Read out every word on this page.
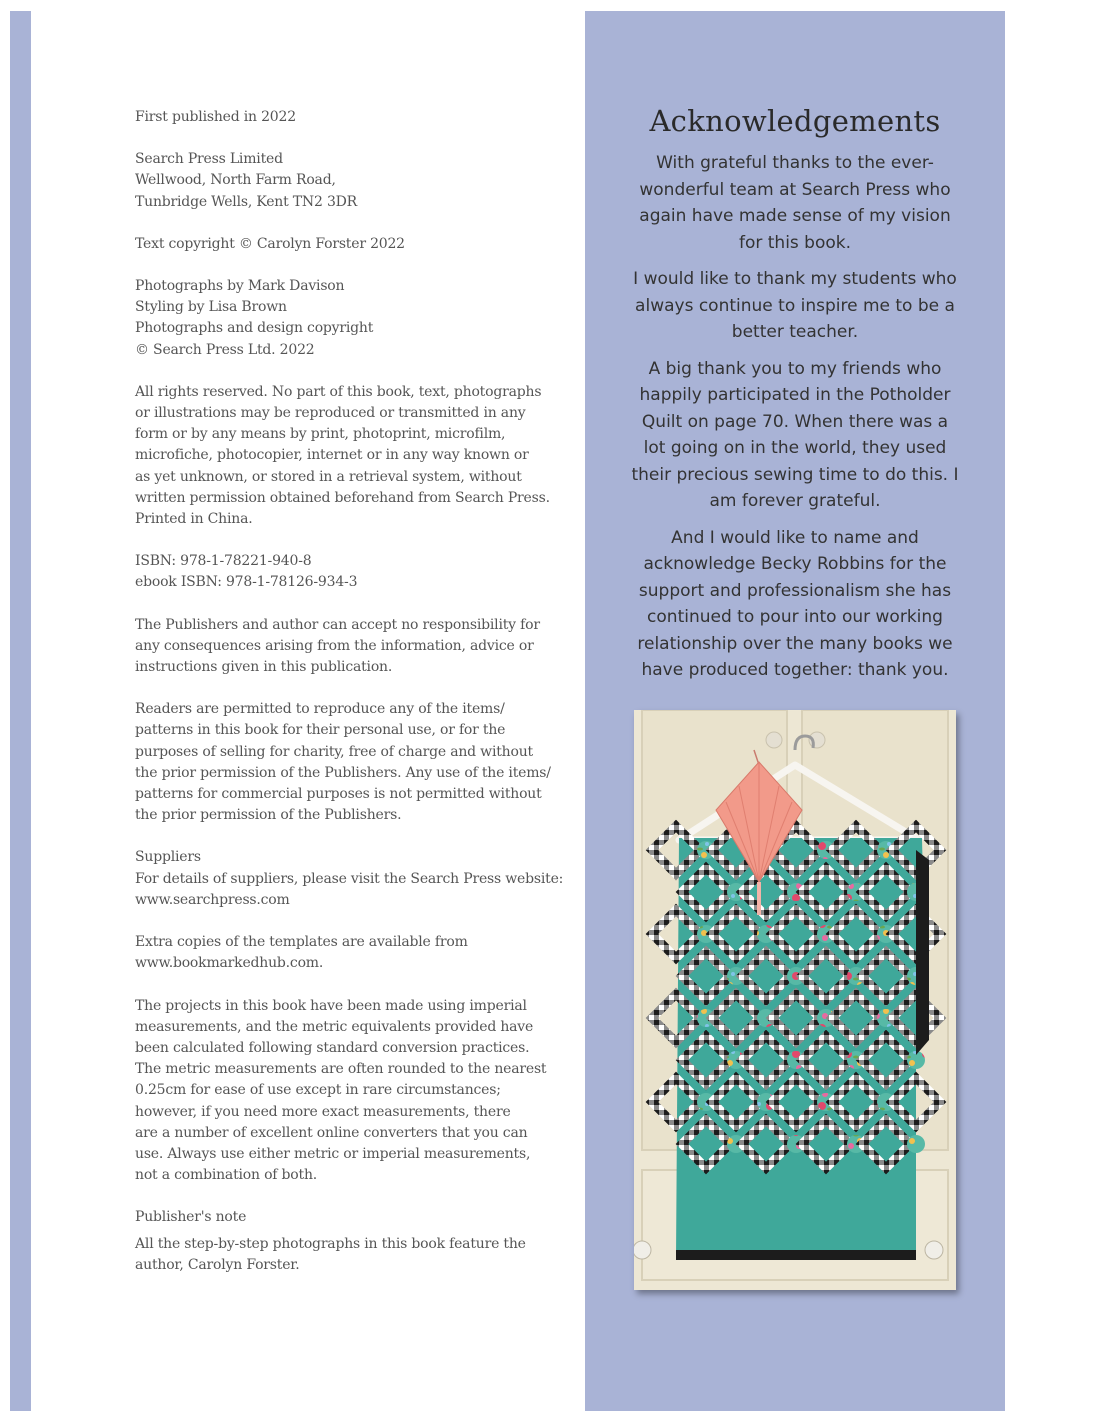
First published in 2022
Search Press Limited
Wellwood, North Farm Road,
Tunbridge Wells, Kent TN2 3DR
Text copyright © Carolyn Forster 2022
Photographs by Mark Davison
Styling by Lisa Brown
Photographs and design copyright
© Search Press Ltd. 2022
All rights reserved. No part of this book, text, photographs
or illustrations may be reproduced or transmitted in any
form or by any means by print, photoprint, microfilm,
microfiche, photocopier, internet or in any way known or
as yet unknown, or stored in a retrieval system, without
written permission obtained beforehand from Search Press.
Printed in China.
ISBN: 978-1-78221-940-8
ebook ISBN: 978-1-78126-934-3
The Publishers and author can accept no responsibility for
any consequences arising from the information, advice or
instructions given in this publication.
Readers are permitted to reproduce any of the items/
patterns in this book for their personal use, or for the
purposes of selling for charity, free of charge and without
the prior permission of the Publishers. Any use of the items/
patterns for commercial purposes is not permitted without
the prior permission of the Publishers.
Suppliers
For details of suppliers, please visit the Search Press website:
www.searchpress.com
Extra copies of the templates are available from
www.bookmarkedhub.com.
The projects in this book have been made using imperial
measurements, and the metric equivalents provided have
been calculated following standard conversion practices.
The metric measurements are often rounded to the nearest
0.25cm for ease of use except in rare circumstances;
however, if you need more exact measurements, there
are a number of excellent online converters that you can
use. Always use either metric or imperial measurements,
not a combination of both.
Publisher's note
All the step-by-step photographs in this book feature the
author, Carolyn Forster.
Acknowledgements
With grateful thanks to the ever-
wonderful team at Search Press who
again have made sense of my vision
for this book.
I would like to thank my students who
always continue to inspire me to be a
better teacher.
A big thank you to my friends who
happily participated in the Potholder
Quilt on page 70. When there was a
lot going on in the world, they used
their precious sewing time to do this. I
am forever grateful.
And I would like to name and
acknowledge Becky Robbins for the
support and professionalism she has
continued to pour into our working
relationship over the many books we
have produced together: thank you.
